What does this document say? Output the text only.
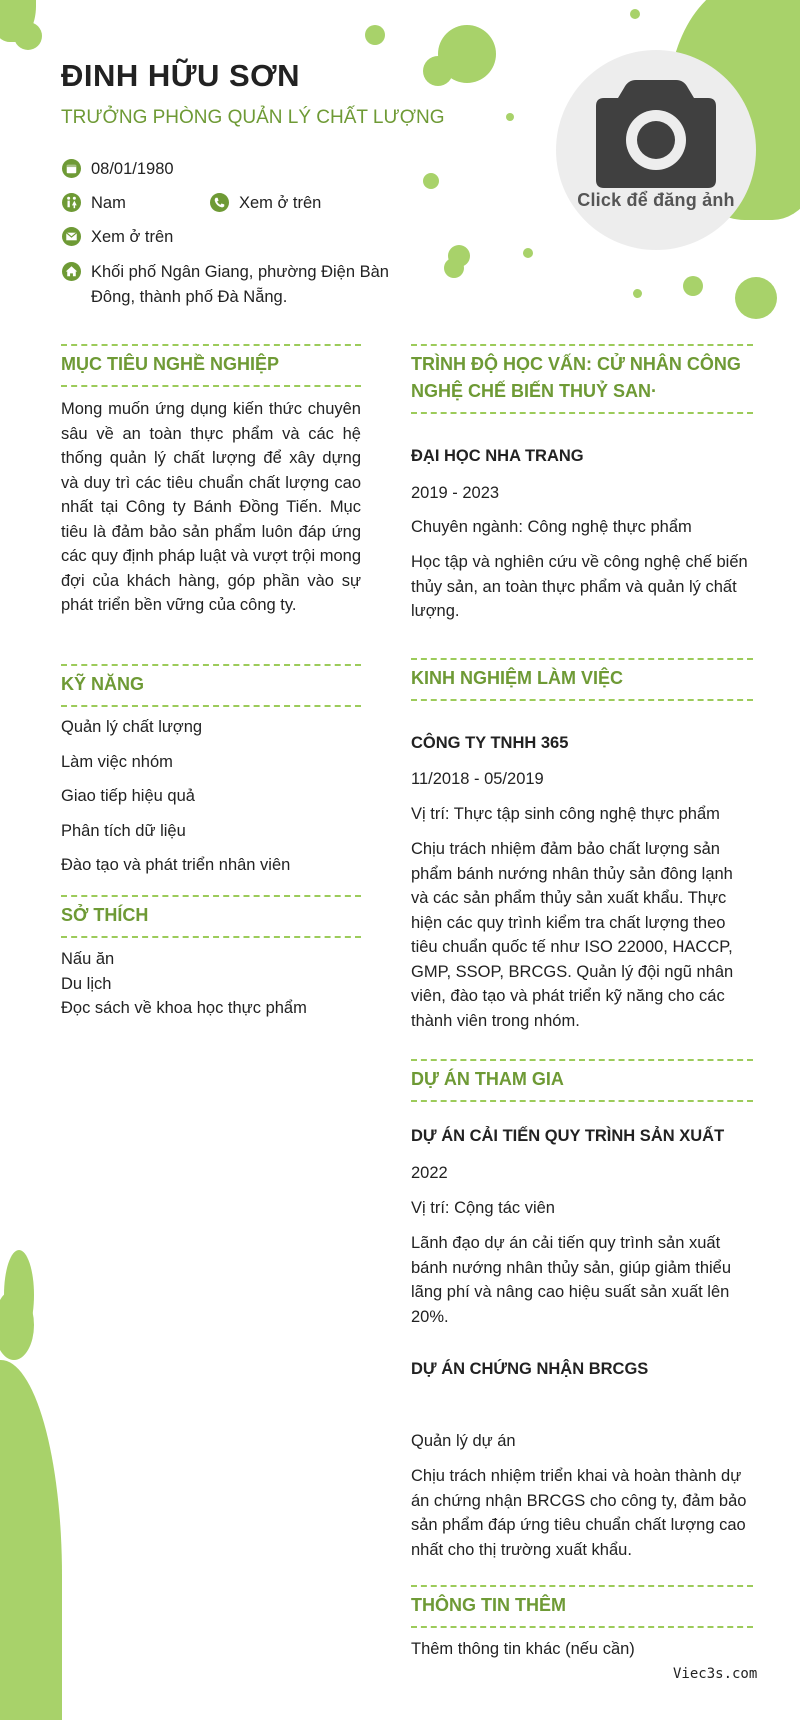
Click để đăng ảnh
ĐINH HỮU SƠN
TRƯỞNG PHÒNG QUẢN LÝ CHẤT LƯỢNG
08/01/1980
Nam	Xem ở trên
Xem ở trên
Khối phố Ngân Giang, phường Điện Bàn Đông, thành phố Đà Nẵng.
MỤC TIÊU NGHỀ NGHIỆP
Mong muốn ứng dụng kiến thức chuyên sâu về an toàn thực phẩm và các hệ thống quản lý chất lượng để xây dựng và duy trì các tiêu chuẩn chất lượng cao nhất tại Công ty Bánh Đồng Tiến. Mục tiêu là đảm bảo sản phẩm luôn đáp ứng các quy định pháp luật và vượt trội mong đợi của khách hàng, góp phần vào sự phát triển bền vững của công ty.
KỸ NĂNG
Quản lý chất lượng
Làm việc nhóm
Giao tiếp hiệu quả
Phân tích dữ liệu
Đào tạo và phát triển nhân viên
SỞ THÍCH
Nấu ăn
Du lịch
Đọc sách về khoa học thực phẩm
TRÌNH ĐỘ HỌC VẤN: CỬ NHÂN CÔNG NGHỆ CHẾ BIẾN THUỶ SAN·
ĐẠI HỌC NHA TRANG
2019 - 2023
Chuyên ngành: Công nghệ thực phẩm
Học tập và nghiên cứu về công nghệ chế biến thủy sản, an toàn thực phẩm và quản lý chất lượng.
KINH NGHIỆM LÀM VIỆC
CÔNG TY TNHH 365
11/2018 - 05/2019
Vị trí: Thực tập sinh công nghệ thực phẩm
Chịu trách nhiệm đảm bảo chất lượng sản phẩm bánh nướng nhân thủy sản đông lạnh và các sản phẩm thủy sản xuất khẩu. Thực hiện các quy trình kiểm tra chất lượng theo tiêu chuẩn quốc tế như ISO 22000, HACCP, GMP, SSOP, BRCGS. Quản lý đội ngũ nhân viên, đào tạo và phát triển kỹ năng cho các thành viên trong nhóm.
DỰ ÁN THAM GIA
DỰ ÁN CẢI TIẾN QUY TRÌNH SẢN XUẤT
2022
Vị trí: Cộng tác viên
Lãnh đạo dự án cải tiến quy trình sản xuất bánh nướng nhân thủy sản, giúp giảm thiểu lãng phí và nâng cao hiệu suất sản xuất lên 20%.
DỰ ÁN CHỨNG NHẬN BRCGS
Quản lý dự án
Chịu trách nhiệm triển khai và hoàn thành dự án chứng nhận BRCGS cho công ty, đảm bảo sản phẩm đáp ứng tiêu chuẩn chất lượng cao nhất cho thị trường xuất khẩu.
THÔNG TIN THÊM
Thêm thông tin khác (nếu cần)
Viec3s.com
